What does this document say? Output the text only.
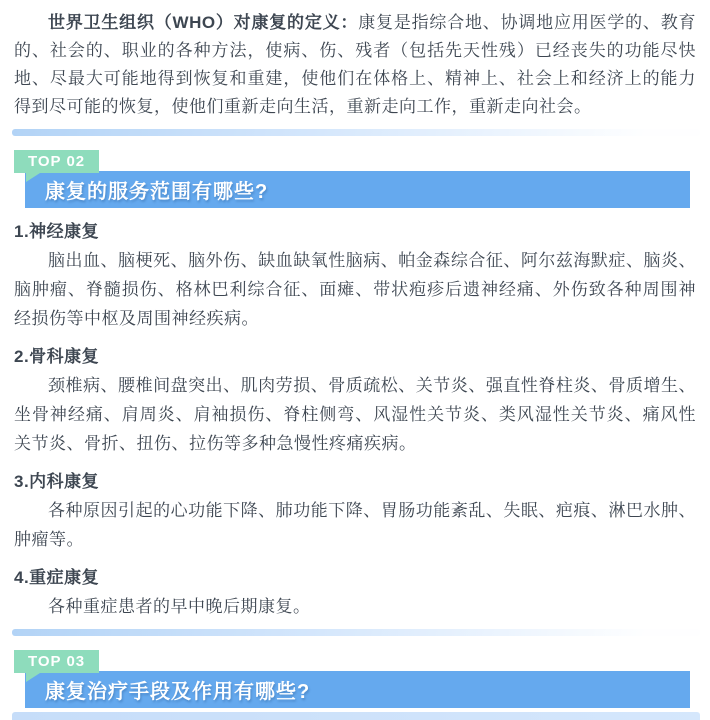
世界卫生组织（WHO）对康复的定义：康复是指综合地、协调地应用医学的、教育的、社会的、职业的各种方法，使病、伤、残者（包括先天性残）已经丧失的功能尽快地、尽最大可能地得到恢复和重建，使他们在体格上、精神上、社会上和经济上的能力得到尽可能的恢复，使他们重新走向生活，重新走向工作，重新走向社会。

TOP 02
康复的服务范围有哪些?
1.神经康复

脑出血、脑梗死、脑外伤、缺血缺氧性脑病、帕金森综合征、阿尔兹海默症、脑炎、脑肿瘤、脊髓损伤、格林巴利综合征、面瘫、带状疱疹后遗神经痛、外伤致各种周围神经损伤等中枢及周围神经疾病。

2.骨科康复

颈椎病、腰椎间盘突出、肌肉劳损、骨质疏松、关节炎、强直性脊柱炎、骨质增生、坐骨神经痛、肩周炎、肩袖损伤、脊柱侧弯、风湿性关节炎、类风湿性关节炎、痛风性关节炎、骨折、扭伤、拉伤等多种急慢性疼痛疾病。

3.内科康复

各种原因引起的心功能下降、肺功能下降、胃肠功能紊乱、失眠、疤痕、淋巴水肿、肿瘤等。

4.重症康复

各种重症患者的早中晚后期康复。

TOP 03
康复治疗手段及作用有哪些?
